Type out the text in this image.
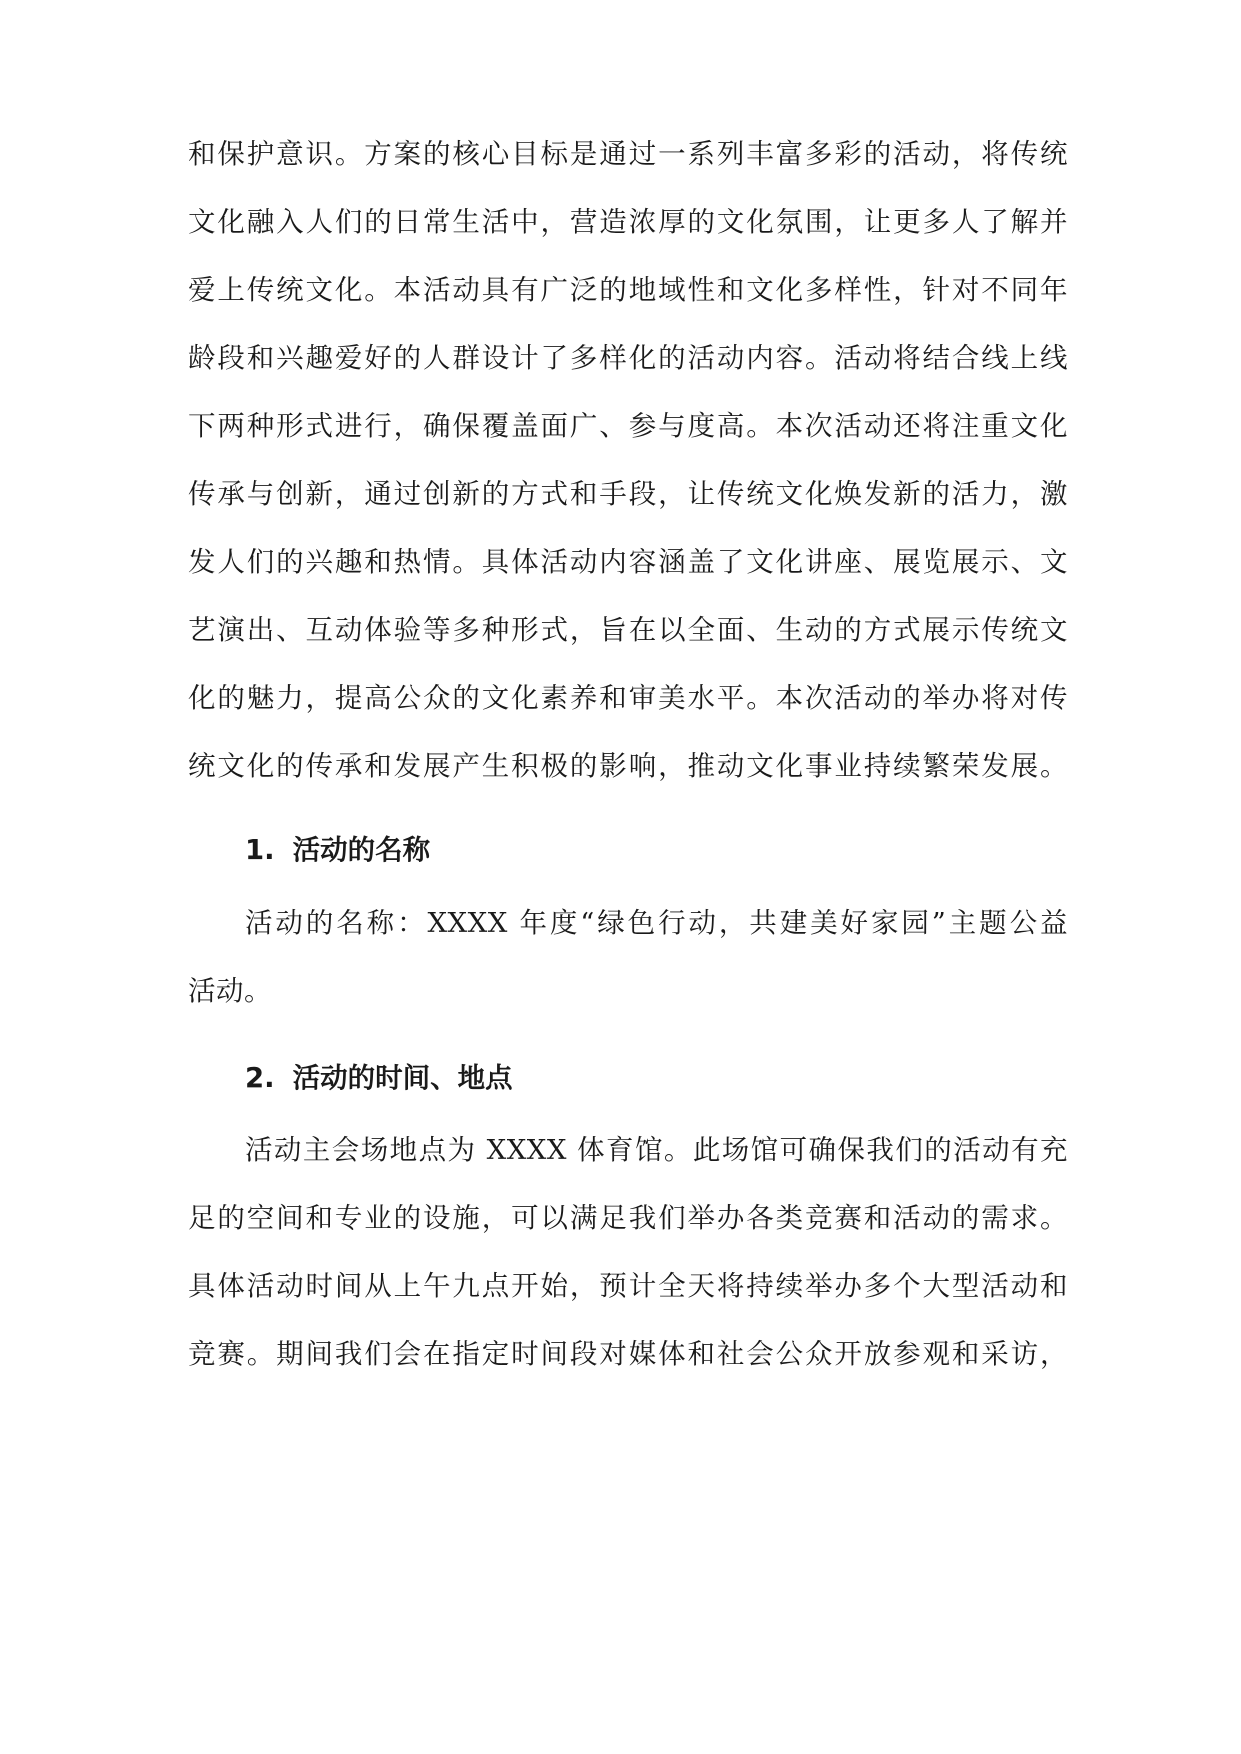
和保护意识。方案的核心目标是通过一系列丰富多彩的活动，将传统
文化融入人们的日常生活中，营造浓厚的文化氛围，让更多人了解并
爱上传统文化。本活动具有广泛的地域性和文化多样性，针对不同年
龄段和兴趣爱好的人群设计了多样化的活动内容。活动将结合线上线
下两种形式进行，确保覆盖面广、参与度高。本次活动还将注重文化
传承与创新，通过创新的方式和手段，让传统文化焕发新的活力，激
发人们的兴趣和热情。具体活动内容涵盖了文化讲座、展览展示、文
艺演出、互动体验等多种形式，旨在以全面、生动的方式展示传统文
化的魅力，提高公众的文化素养和审美水平。本次活动的举办将对传
统文化的传承和发展产生积极的影响，推动文化事业持续繁荣发展。
1. 活动的名称
活动的名称：XXXX 年度“绿色行动，共建美好家园”主题公益
活动。
2. 活动的时间、地点
活动主会场地点为 XXXX 体育馆。此场馆可确保我们的活动有充
足的空间和专业的设施，可以满足我们举办各类竞赛和活动的需求。
具体活动时间从上午九点开始，预计全天将持续举办多个大型活动和
竞赛。期间我们会在指定时间段对媒体和社会公众开放参观和采访，
